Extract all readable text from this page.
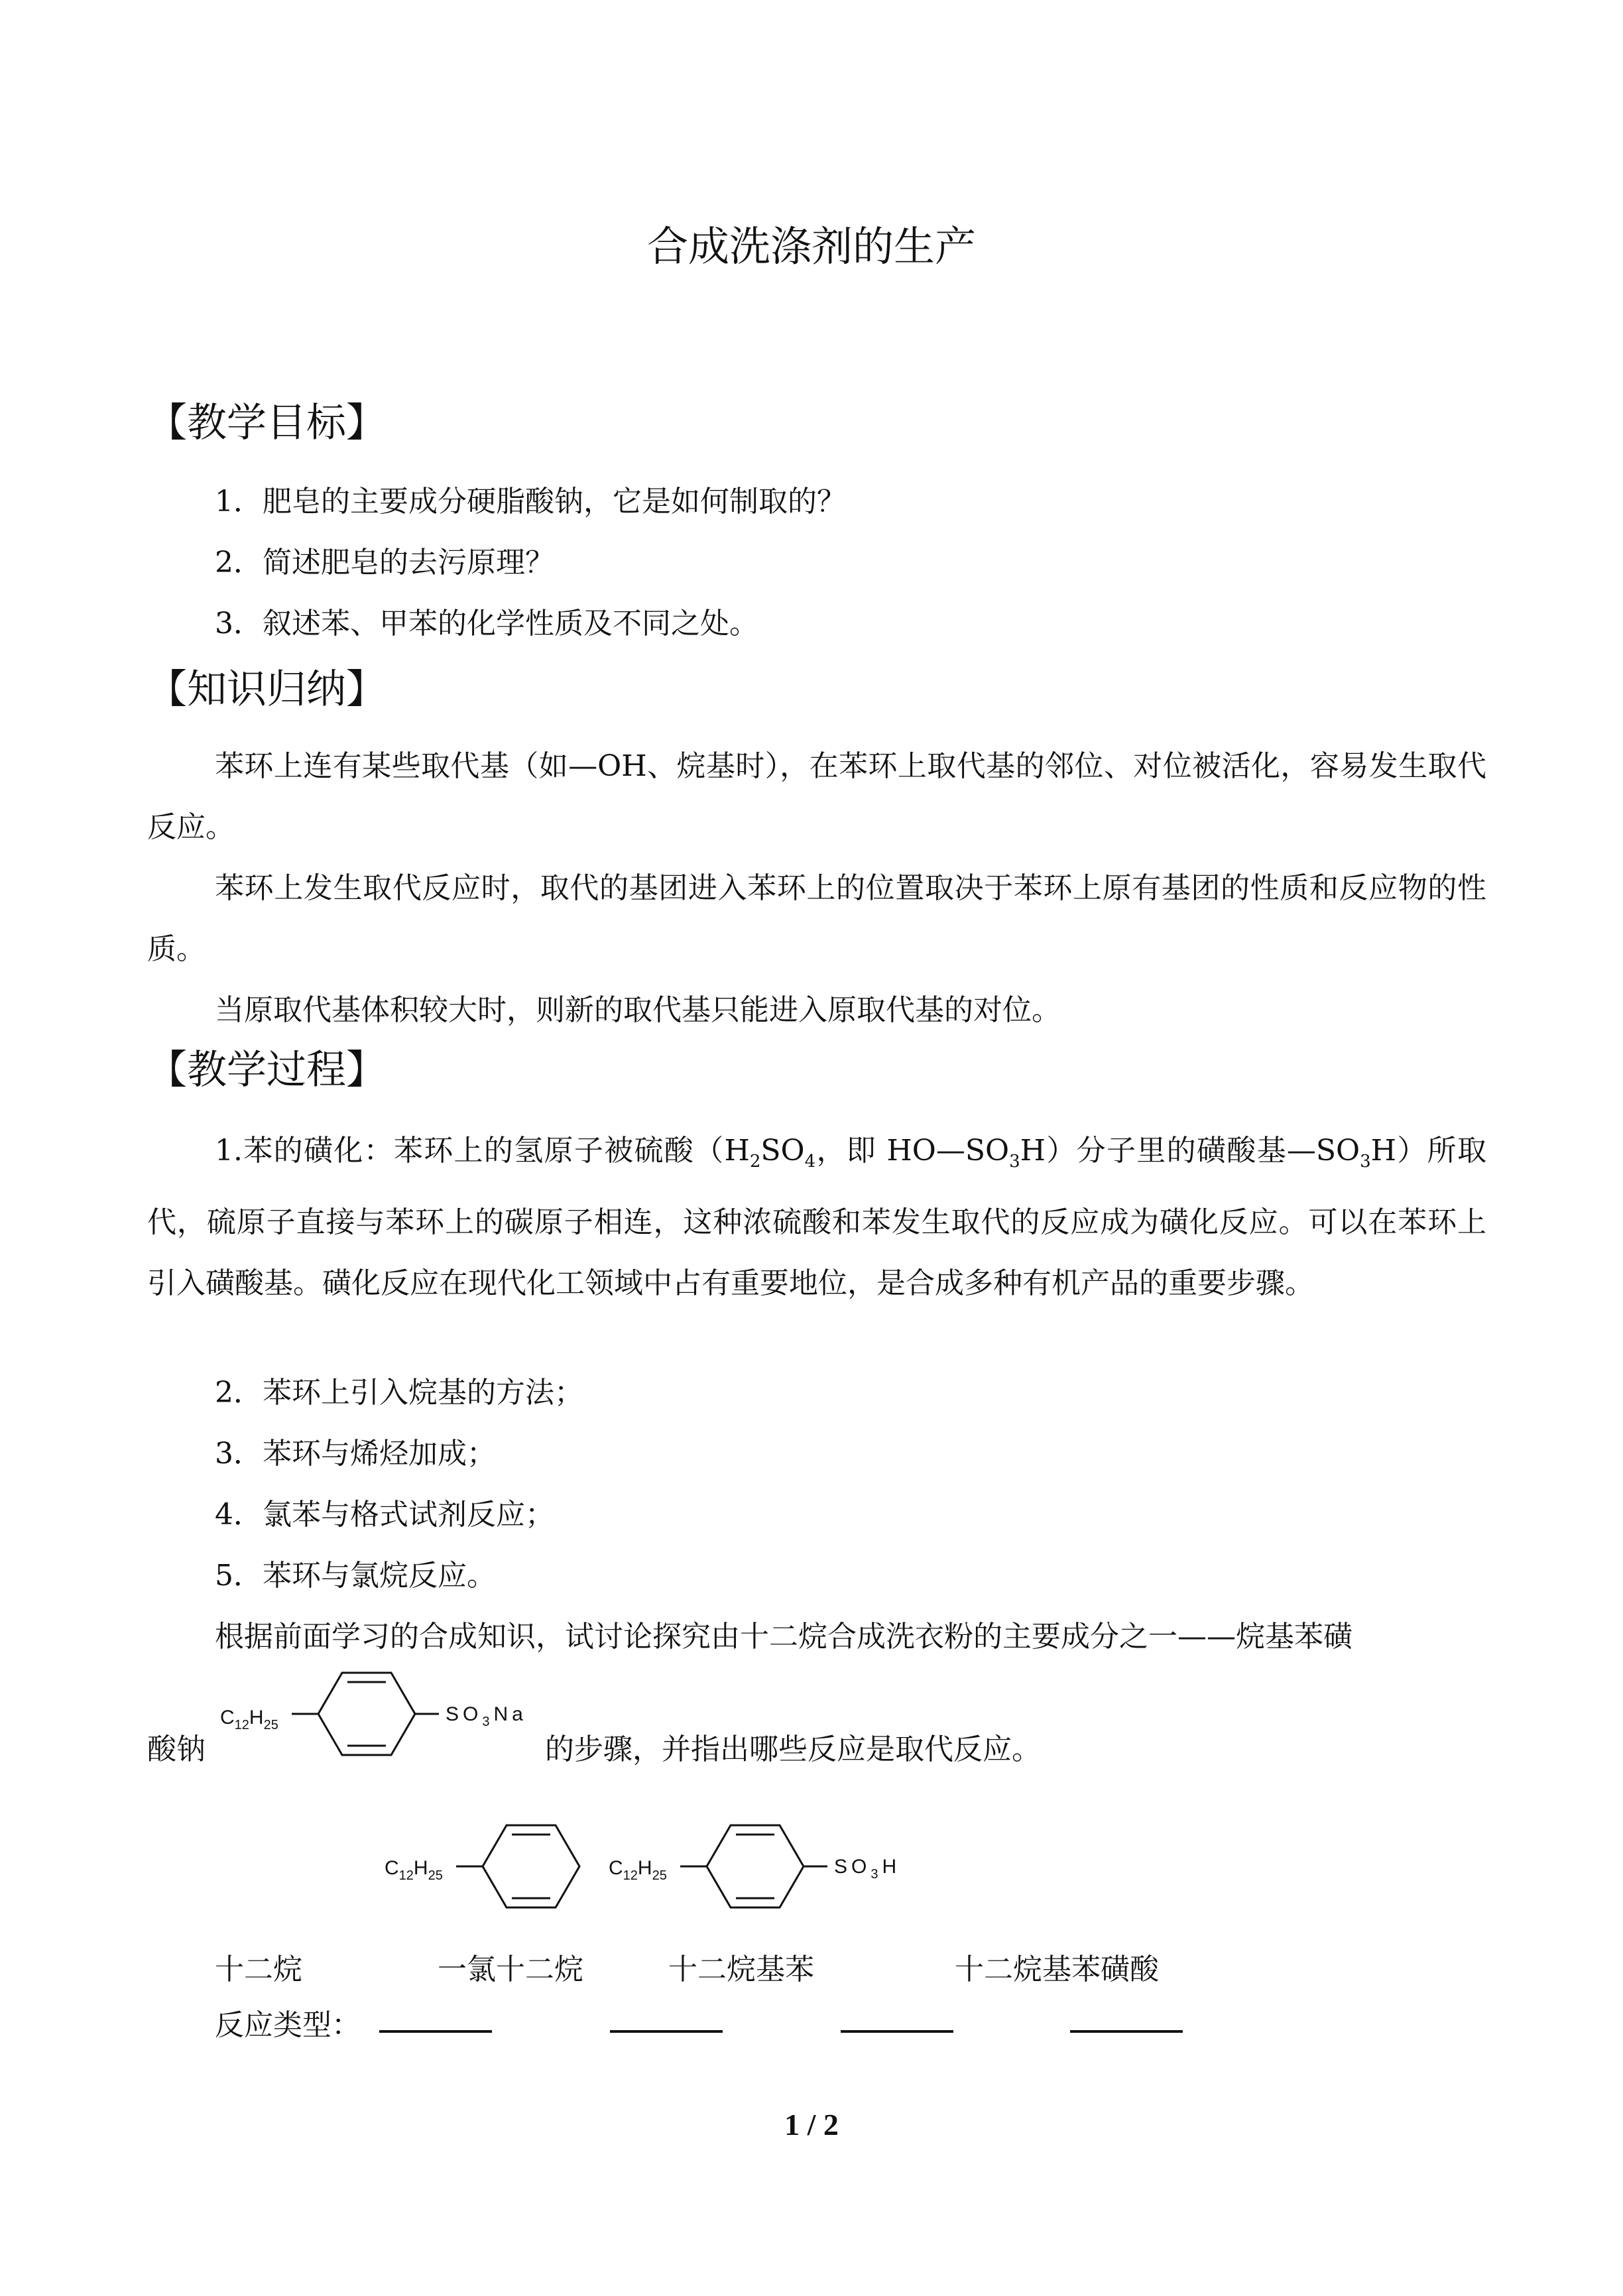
合成洗涤剂的生产
【教学目标】
1．肥皂的主要成分硬脂酸钠，它是如何制取的？
2．简述肥皂的去污原理？
3．叙述苯、甲苯的化学性质及不同之处。
【知识归纳】
苯环上连有某些取代基（如—OH、烷基时），在苯环上取代基的邻位、对位被活化，容易发生取代反应。
苯环上发生取代反应时，取代的基团进入苯环上的位置取决于苯环上原有基团的性质和反应物的性质。
当原取代基体积较大时，则新的取代基只能进入原取代基的对位。
【教学过程】
1.苯的磺化：苯环上的氢原子被硫酸（$H_2SO_4$，即 $HO—SO_3H$）分子里的磺酸基$—SO_3H$）所取代，硫原子直接与苯环上的碳原子相连，这种浓硫酸和苯发生取代的反应成为磺化反应。可以在苯环上引入磺酸基。磺化反应在现代化工领域中占有重要地位，是合成多种有机产品的重要步骤。
2．苯环上引入烷基的方法；
3．苯环与烯烃加成；
4．氯苯与格式试剂反应；
5．苯环与氯烷反应。
根据前面学习的合成知识，试讨论探究由十二烷合成洗衣粉的主要成分之一——烷基苯磺
酸钠
$C_{12}H_{25}$	$SO_3Na$
的步骤，并指出哪些反应是取代反应。
$C_{12}H_{25}$	$C_{12}H_{25}$	$SO_3H$
十二烷	一氯十二烷	十二烷基苯	十二烷基苯磺酸
反应类型：
1 / 2
